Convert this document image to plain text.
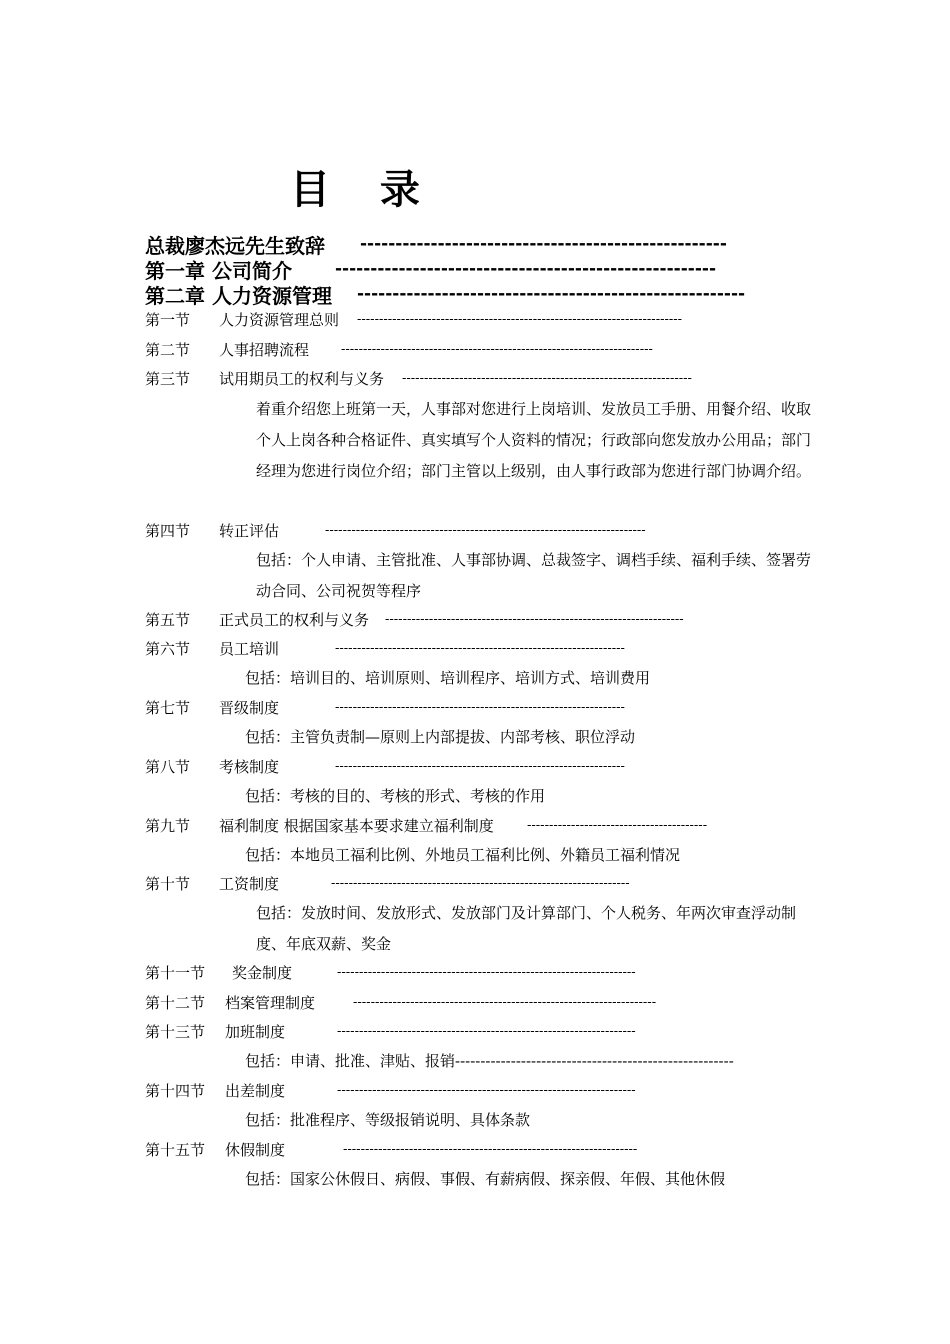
目 录
总裁廖杰远先生致辞 ----------------------------------------------------
第一章 公司简介	------------------------------------------------------
第二章 人力资源管理 -------------------------------------------------------
第一节 人力资源管理总则 --------------------------------------------------------------------------
第二节 人事招聘流程 -----------------------------------------------------------------------
第三节 试用期员工的权利与义务 ------------------------------------------------------------------
着重介绍您上班第一天，人事部对您进行上岗培训、发放员工手册、用餐介绍、收取个人上岗各种合格证件、真实填写个人资料的情况；行政部向您发放办公用品；部门经理为您进行岗位介绍；部门主管以上级别，由人事行政部为您进行部门协调介绍。
第四节 转正评估	-------------------------------------------------------------------------
包括：个人申请、主管批准、人事部协调、总裁签字、调档手续、福利手续、签署劳动合同、公司祝贺等程序
第五节 正式员工的权利与义务 --------------------------------------------------------------------
第六节 员工培训	------------------------------------------------------------------
包括：培训目的、培训原则、培训程序、培训方式、培训费用
第七节 晋级制度	------------------------------------------------------------------
包括：主管负责制—原则上内部提拔、内部考核、职位浮动
第八节 考核制度	------------------------------------------------------------------
包括：考核的目的、考核的形式、考核的作用
第九节 福利制度 根据国家基本要求建立福利制度	-----------------------------------------
包括：本地员工福利比例、外地员工福利比例、外籍员工福利情况
第十节 工资制度	--------------------------------------------------------------------
包括：发放时间、发放形式、发放部门及计算部门、个人税务、年两次审查浮动制度、年底双薪、奖金
第十一节 奖金制度	--------------------------------------------------------------------
第十二节 档案管理制度	---------------------------------------------------------------------
第十三节 加班制度	--------------------------------------------------------------------
包括：申请、批准、津贴、报销-------------------------------------------------------
第十四节 出差制度	--------------------------------------------------------------------
包括：批准程序、等级报销说明、具体条款
第十五节 休假制度	-------------------------------------------------------------------
包括：国家公休假日、病假、事假、有薪病假、探亲假、年假、其他休假
